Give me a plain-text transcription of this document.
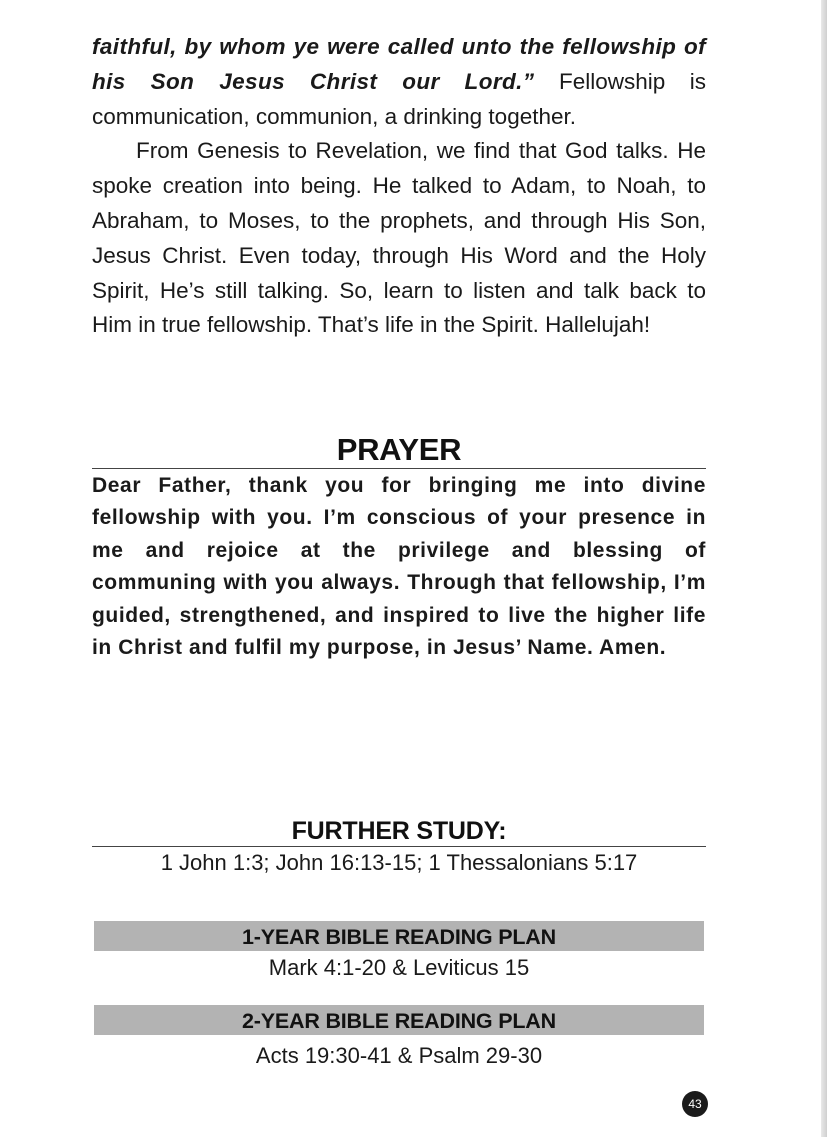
faithful, by whom ye were called unto the fellowship of his Son Jesus Christ our Lord.” Fellowship is communication, communion, a drinking together.

From Genesis to Revelation, we find that God talks. He spoke creation into being. He talked to Adam, to Noah, to Abraham, to Moses, to the prophets, and through His Son, Jesus Christ. Even today, through His Word and the Holy Spirit, He’s still talking. So, learn to listen and talk back to Him in true fellowship. That’s life in the Spirit. Hallelujah!

PRAYER

Dear Father, thank you for bringing me into divine fellowship with you. I’m conscious of your presence in me and rejoice at the privilege and blessing of communing with you always. Through that fellowship, I’m guided, strengthened, and inspired to live the higher life in Christ and fulfil my purpose, in Jesus’ Name. Amen.

FURTHER STUDY:
1 John 1:3; John 16:13-15; 1 Thessalonians 5:17
1-YEAR BIBLE READING PLAN
Mark 4:1-20 & Leviticus 15
2-YEAR BIBLE READING PLAN
Acts 19:30-41 & Psalm 29-30
43
